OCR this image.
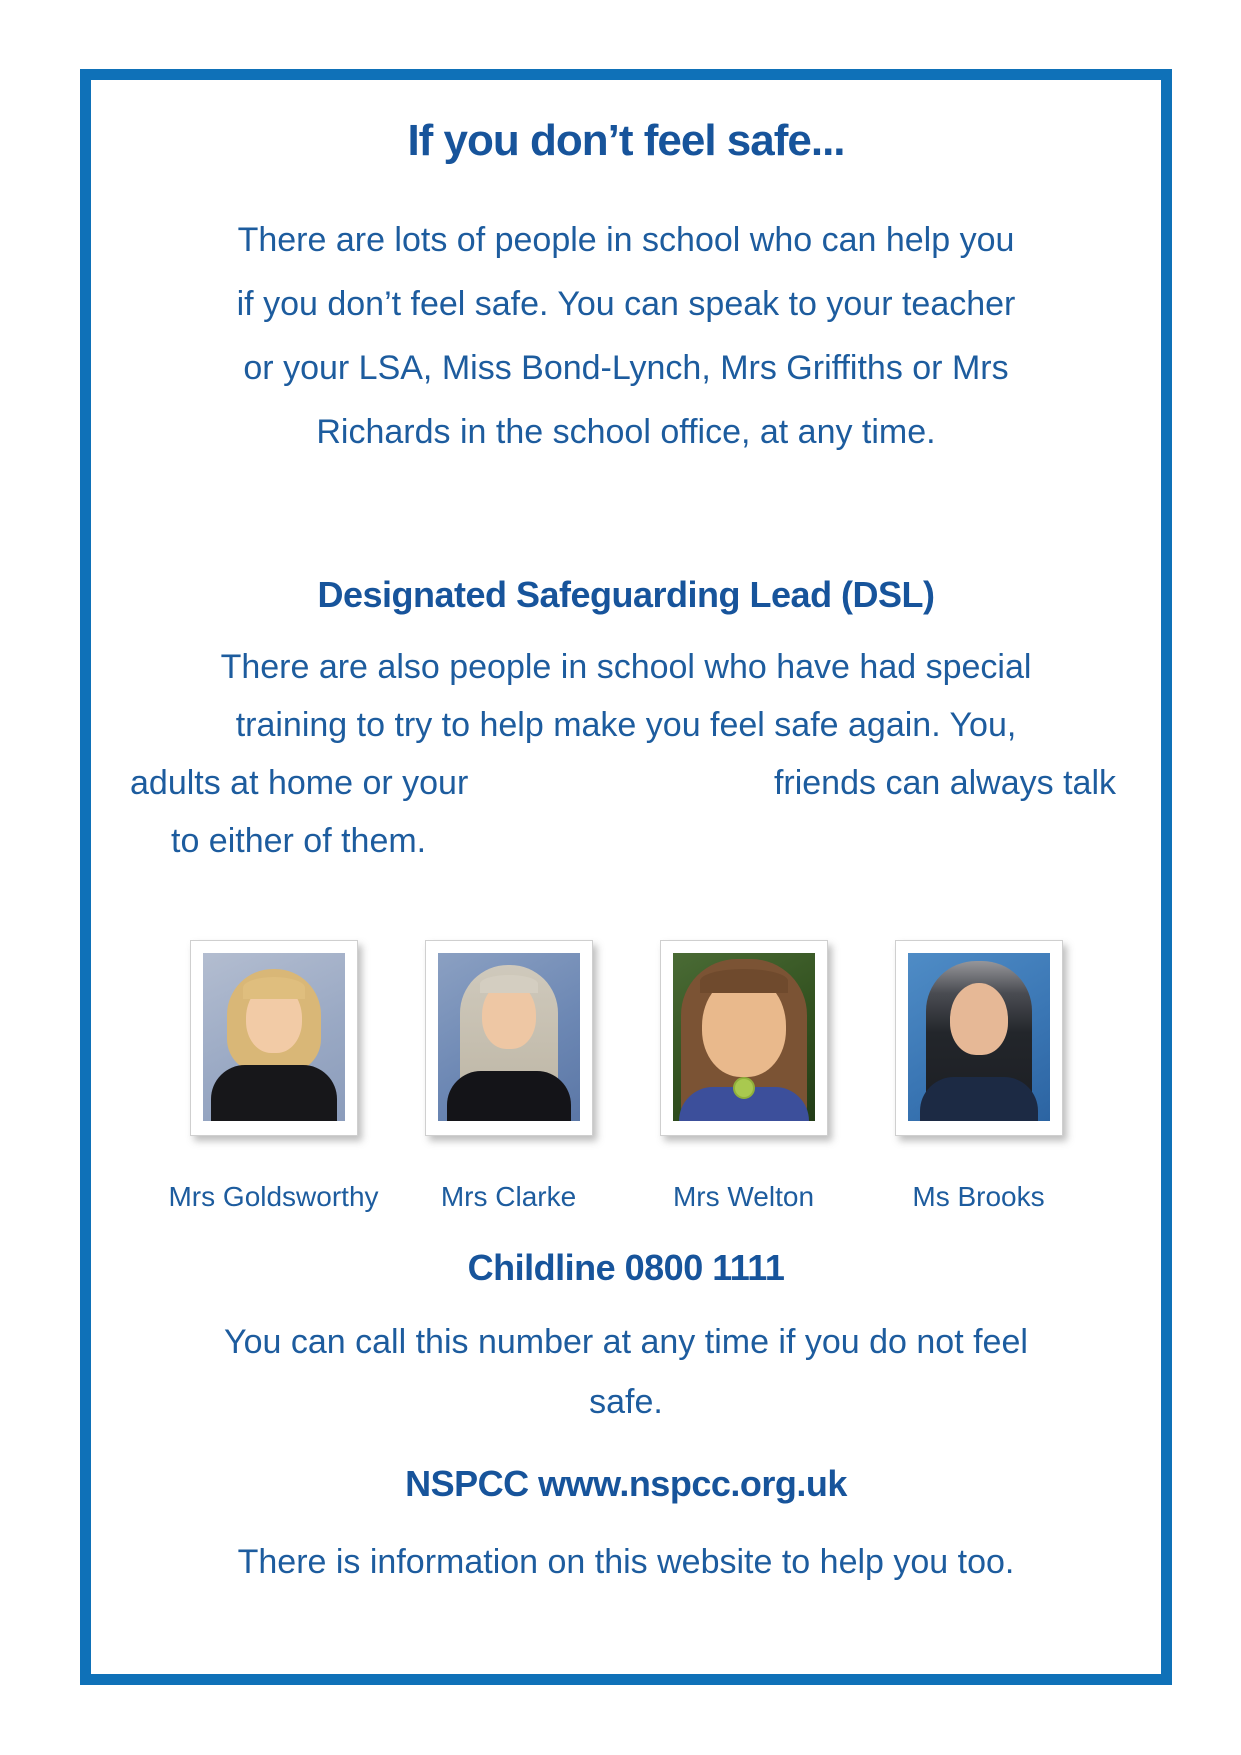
If you don’t feel safe...
There are lots of people in school who can help you
if you don’t feel safe. You can speak to your teacher
or your LSA, Miss Bond-Lynch, Mrs Griffiths or Mrs
Richards in the school office, at any time.
Designated Safeguarding Lead (DSL)
There are also people in school who have had special
training to try to help make you feel safe again. You,
adults at home or your	friends can always talk
to either of them.
Mrs Goldsworthy Mrs Clarke	Mrs Welton	Ms Brooks
Childline 0800 1111
You can call this number at any time if you do not feel
safe.
NSPCC www.nspcc.org.uk
There is information on this website to help you too.
